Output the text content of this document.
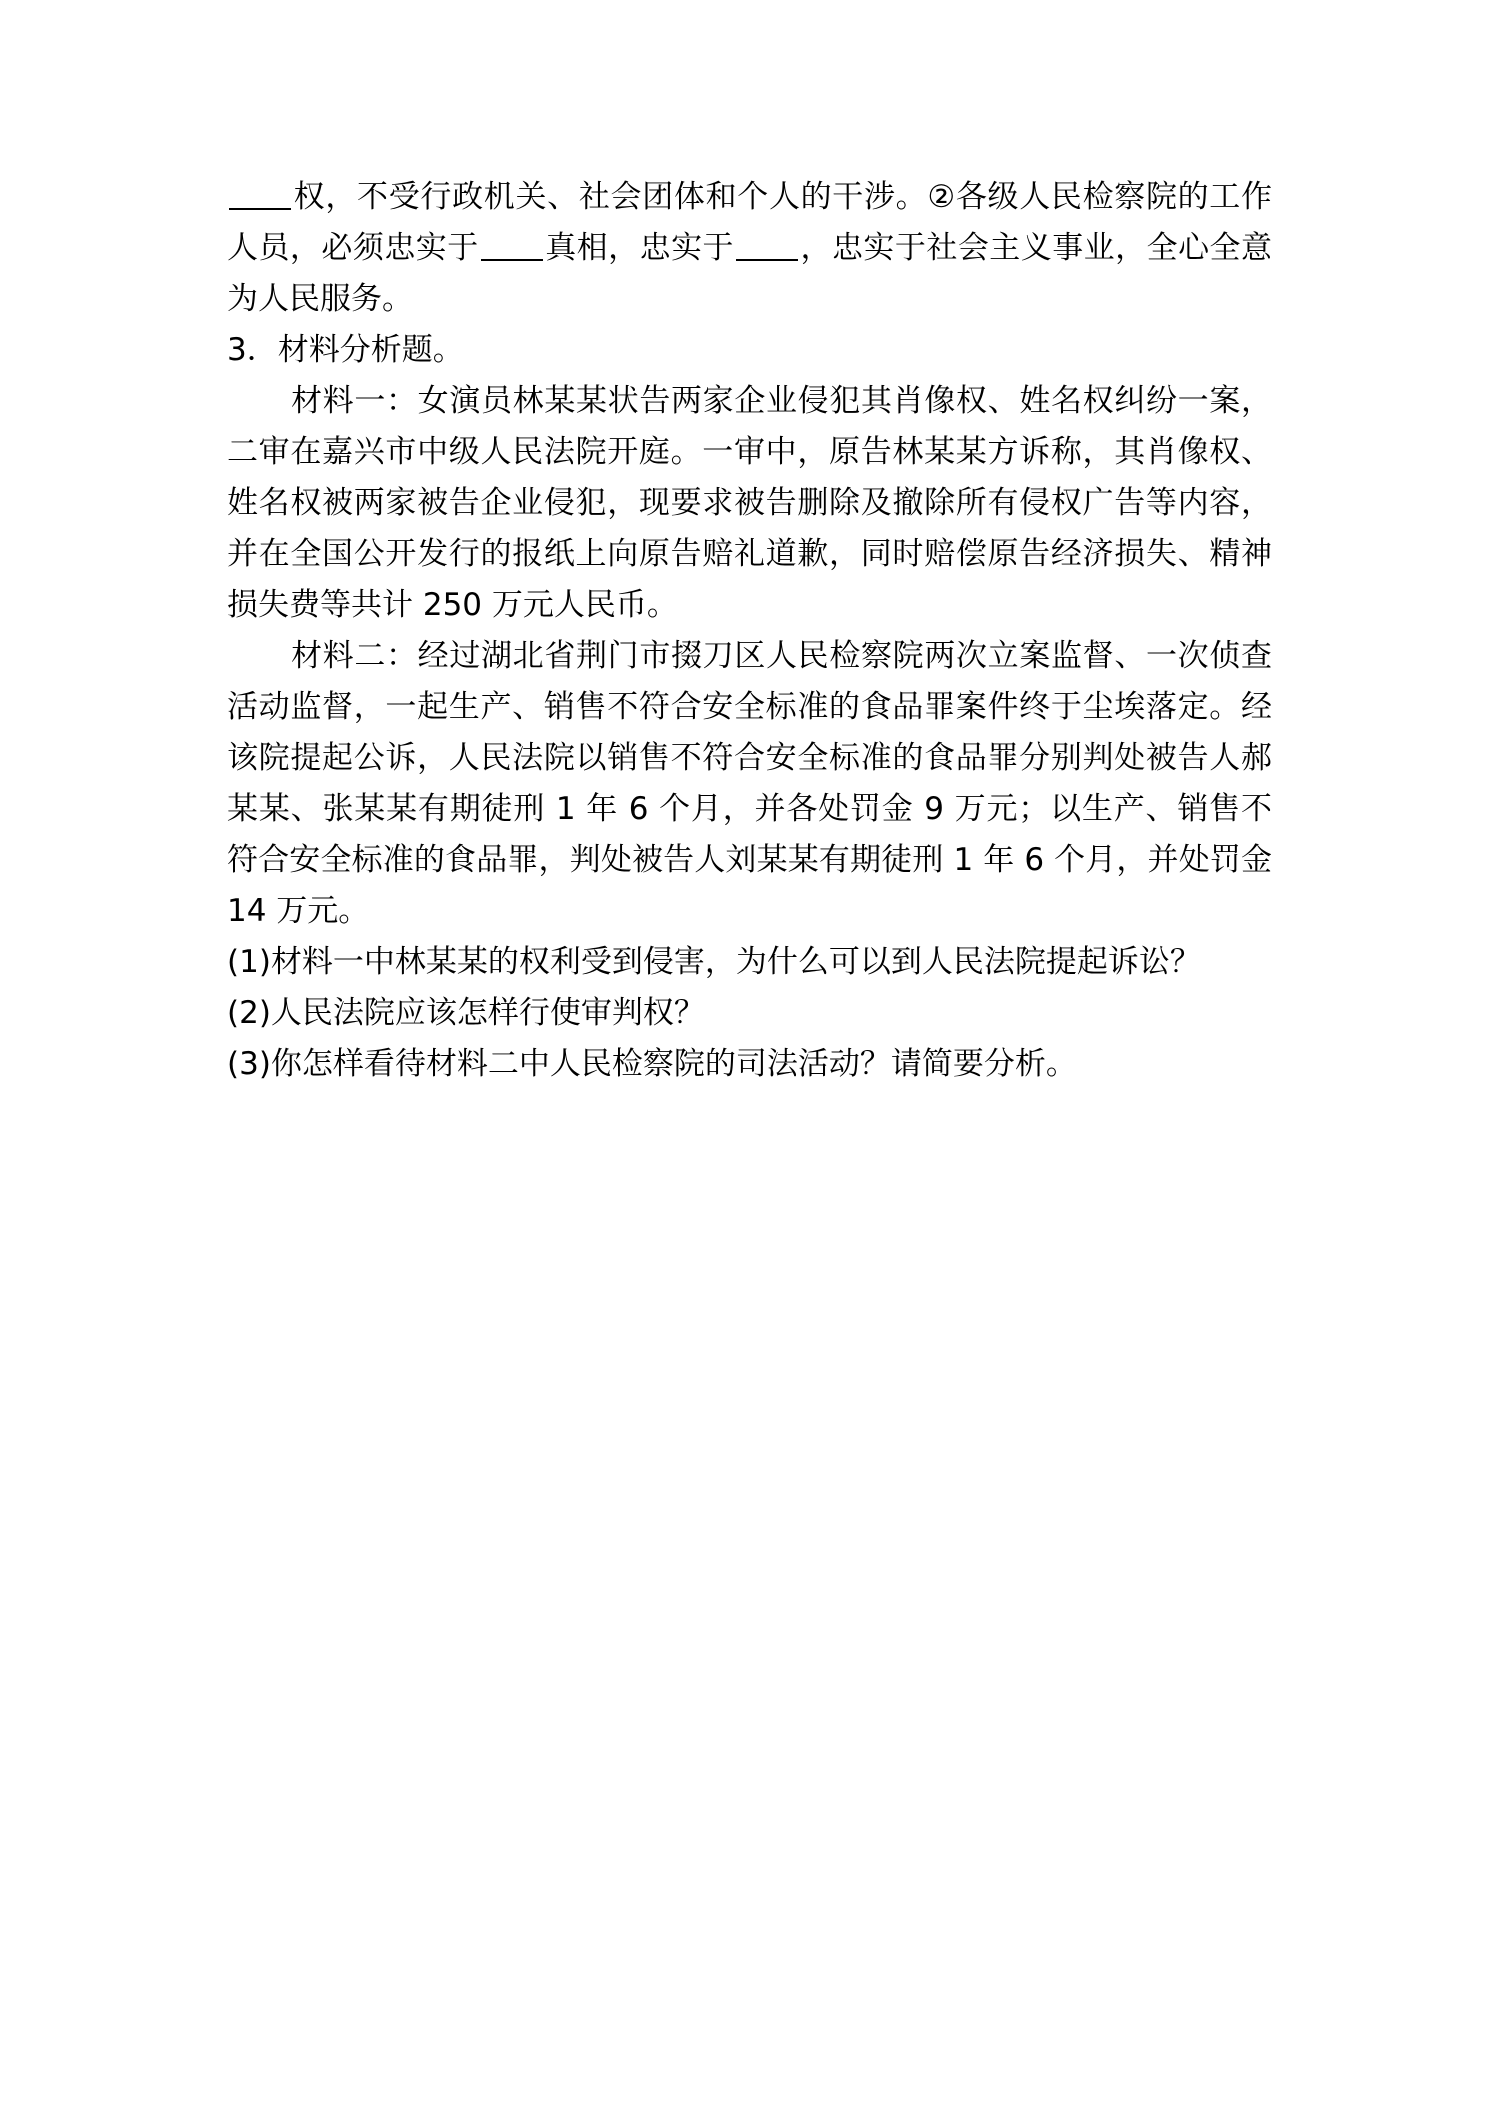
权，不受行政机关、社会团体和个人的干涉。②各级人民检察院的工作人员，必须忠实于 真相，忠实于 ，忠实于社会主义事业，全心全意为人民服务。

3．材料分析题。

材料一：女演员林某某状告两家企业侵犯其肖像权、姓名权纠纷一案，二审在嘉兴市中级人民法院开庭。一审中，原告林某某方诉称，其肖像权、姓名权被两家被告企业侵犯，现要求被告删除及撤除所有侵权广告等内容，并在全国公开发行的报纸上向原告赔礼道歉，同时赔偿原告经济损失、精神损失费等共计 250 万元人民币。

材料二：经过湖北省荆门市掇刀区人民检察院两次立案监督、一次侦查活动监督，一起生产、销售不符合安全标准的食品罪案件终于尘埃落定。经该院提起公诉，人民法院以销售不符合安全标准的食品罪分别判处被告人郝某某、张某某有期徒刑 1 年 6 个月，并各处罚金 9 万元；以生产、销售不符合安全标准的食品罪，判处被告人刘某某有期徒刑 1 年 6 个月，并处罚金 14 万元。

(1)材料一中林某某的权利受到侵害，为什么可以到人民法院提起诉讼？

(2)人民法院应该怎样行使审判权？

(3)你怎样看待材料二中人民检察院的司法活动？请简要分析。
